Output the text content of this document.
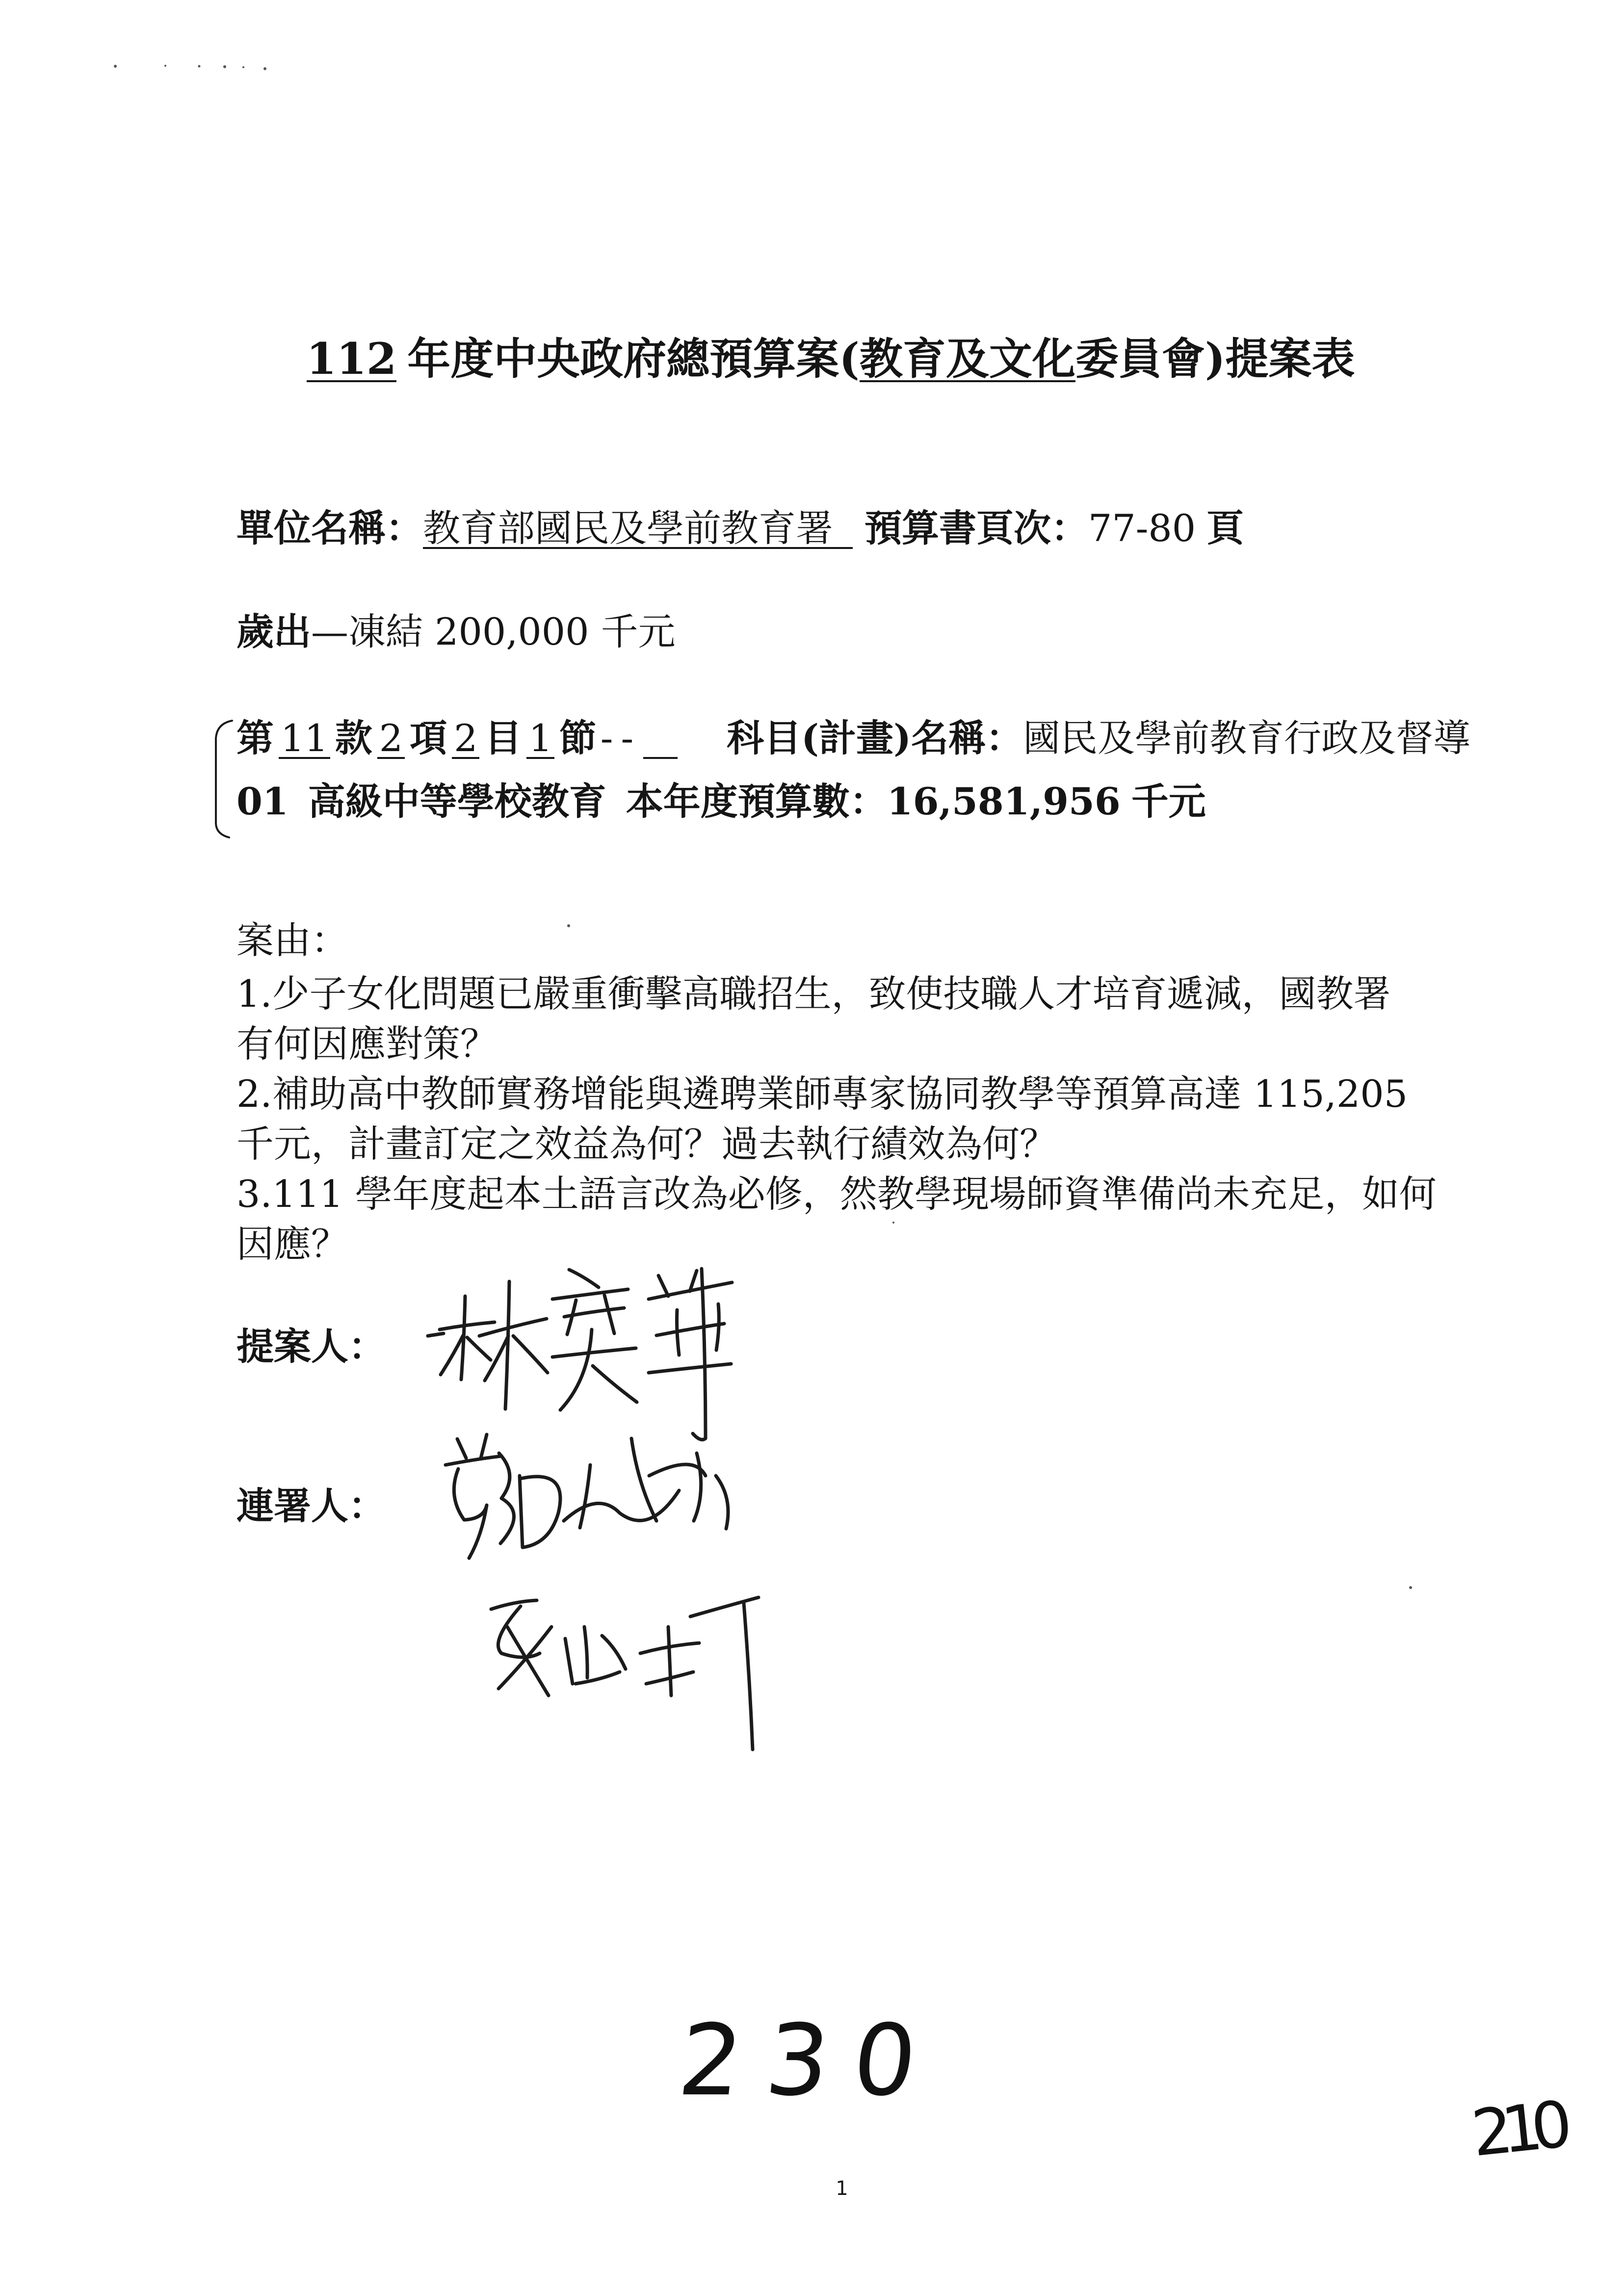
112 年度中央政府總預算案(教育及文化委員會)提案表
單位名稱：教育部國民及學前教育署 預算書頁次：77-80 頁
歲出—凍結 200,000 千元
第 11 款 2 項 2 目 1 節 -- 科目(計畫)名稱：國民及學前教育行政及督導
01 高級中等學校教育 本年度預算數：16,581,956 千元
案由：
1.少子女化問題已嚴重衝擊高職招生，致使技職人才培育遞減，國教署
有何因應對策？
2.補助高中教師實務增能與遴聘業師專家協同教學等預算高達 115,205
千元，計畫訂定之效益為何？過去執行績效為何？
3.111 學年度起本土語言改為必修，然教學現場師資準備尚未充足，如何
因應？
提案人：
連署人：
230
210
1
